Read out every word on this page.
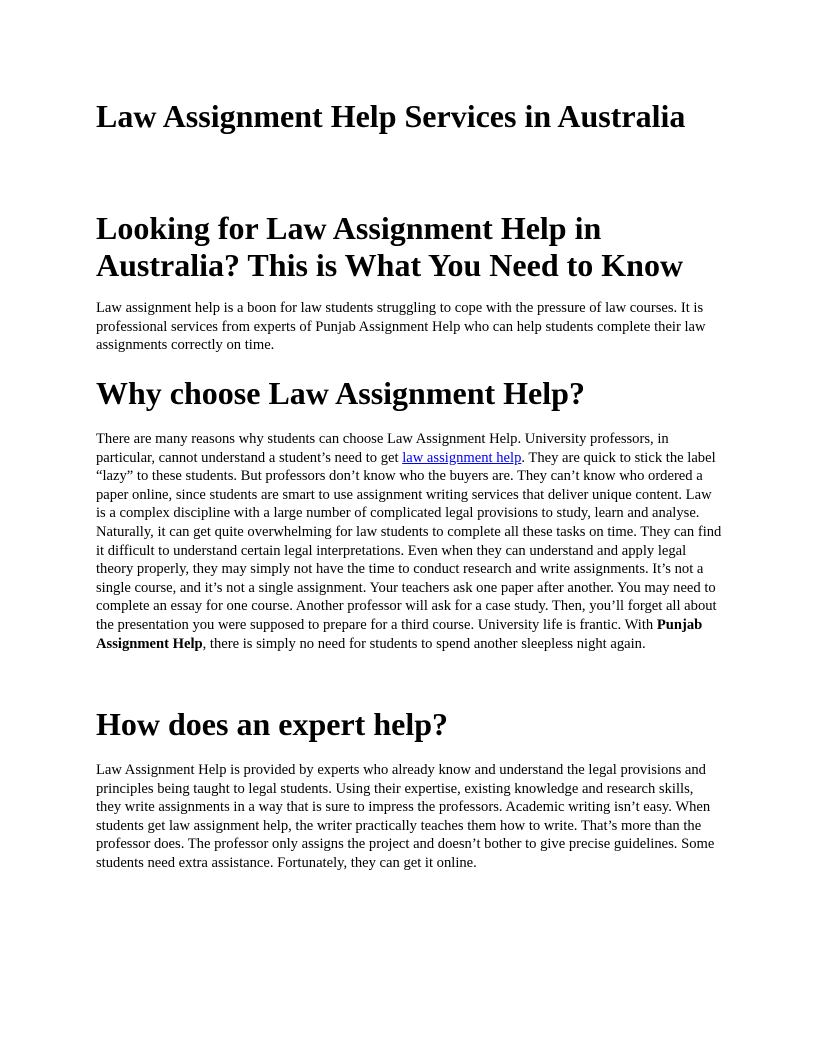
Law Assignment Help Services in Australia
Looking for Law Assignment Help in Australia? This is What You Need to Know

Law assignment help is a boon for law students struggling to cope with the pressure of law courses. It is professional services from experts of Punjab Assignment Help who can help students complete their law assignments correctly on time.

Why choose Law Assignment Help?

There are many reasons why students can choose Law Assignment Help. University professors, in particular, cannot understand a student’s need to get law assignment help. They are quick to stick the label “lazy” to these students. But professors don’t know who the buyers are. They can’t know who ordered a paper online, since students are smart to use assignment writing services that deliver unique content. Law is a complex discipline with a large number of complicated legal provisions to study, learn and analyse. Naturally, it can get quite overwhelming for law students to complete all these tasks on time. They can find it difficult to understand certain legal interpretations. Even when they can understand and apply legal theory properly, they may simply not have the time to conduct research and write assignments. It’s not a single course, and it’s not a single assignment. Your teachers ask one paper after another. You may need to complete an essay for one course. Another professor will ask for a case study. Then, you’ll forget all about the presentation you were supposed to prepare for a third course. University life is frantic. With Punjab Assignment Help, there is simply no need for students to spend another sleepless night again.

How does an expert help?

Law Assignment Help is provided by experts who already know and understand the legal provisions and principles being taught to legal students. Using their expertise, existing knowledge and research skills, they write assignments in a way that is sure to impress the professors. Academic writing isn’t easy. When students get law assignment help, the writer practically teaches them how to write. That’s more than the professor does. The professor only assigns the project and doesn’t bother to give precise guidelines. Some students need extra assistance. Fortunately, they can get it online.
